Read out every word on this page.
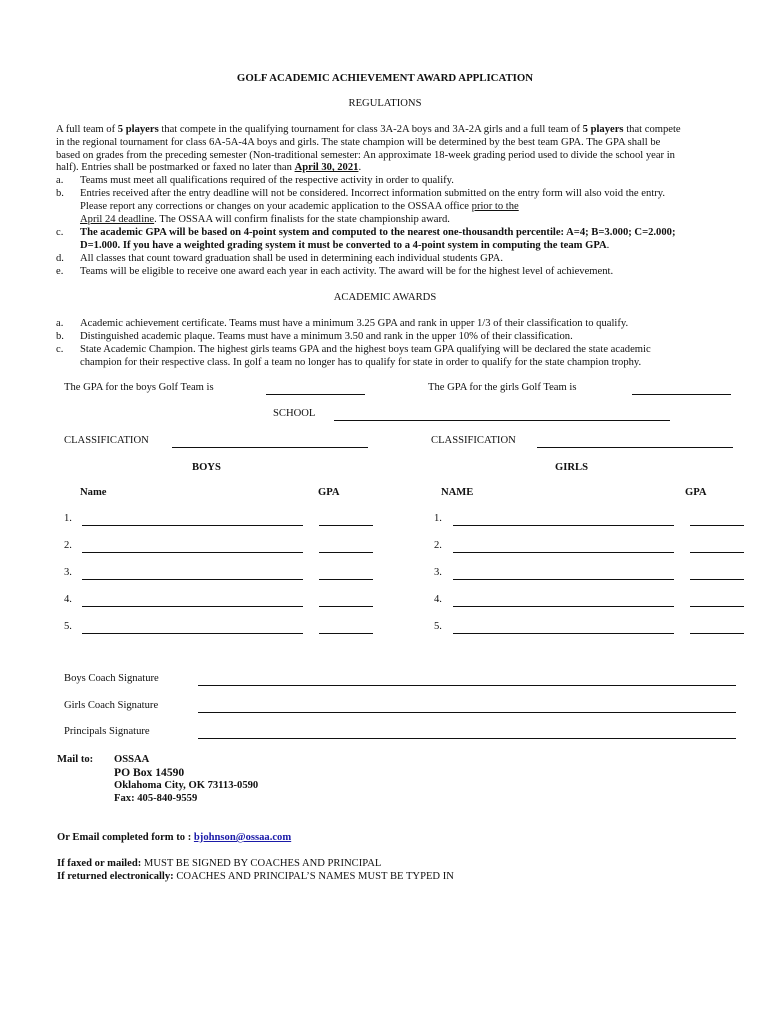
GOLF ACADEMIC ACHIEVEMENT AWARD APPLICATION
REGULATIONS
A full team of 5 players that compete in the qualifying tournament for class 3A-2A boys and 3A-2A girls and a full team of 5 players that compete
in the regional tournament for class 6A-5A-4A boys and girls. The state champion will be determined by the best team GPA. The GPA shall be
based on grades from the preceding semester (Non-traditional semester: An approximate 18-week grading period used to divide the school year in
half). Entries shall be postmarked or faxed no later than April 30, 2021.
a. Teams must meet all qualifications required of the respective activity in order to qualify.
b. Entries received after the entry deadline will not be considered. Incorrect information submitted on the entry form will also void the entry.
Please report any corrections or changes on your academic application to the OSSAA office prior to the
April 24 deadline. The OSSAA will confirm finalists for the state championship award.
c. The academic GPA will be based on 4-point system and computed to the nearest one-thousandth percentile: A=4; B=3.000; C=2.000;
D=1.000. If you have a weighted grading system it must be converted to a 4-point system in computing the team GPA.
d. All classes that count toward graduation shall be used in determining each individual students GPA.
e. Teams will be eligible to receive one award each year in each activity. The award will be for the highest level of achievement.
ACADEMIC AWARDS
a. Academic achievement certificate. Teams must have a minimum 3.25 GPA and rank in upper 1/3 of their classification to qualify.
b. Distinguished academic plaque. Teams must have a minimum 3.50 and rank in the upper 10% of their classification.
c. State Academic Champion. The highest girls teams GPA and the highest boys team GPA qualifying will be declared the state academic
champion for their respective class. In golf a team no longer has to qualify for state in order to qualify for the state champion trophy.
The GPA for the boys Golf Team is	The GPA for the girls Golf Team is
SCHOOL
CLASSIFICATION	CLASSIFICATION
BOYS	GIRLS
Name	GPA	NAME	GPA
1.	1.
2.	2.
3.	3.
4.	4.
5.	5.
Boys Coach Signature
Girls Coach Signature
Principals Signature
Mail to: OSSAA
PO Box 14590
Oklahoma City, OK 73113-0590
Fax: 405-840-9559
Or Email completed form to : bjohnson@ossaa.com
If faxed or mailed: MUST BE SIGNED BY COACHES AND PRINCIPAL
If returned electronically: COACHES AND PRINCIPAL’S NAMES MUST BE TYPED IN
